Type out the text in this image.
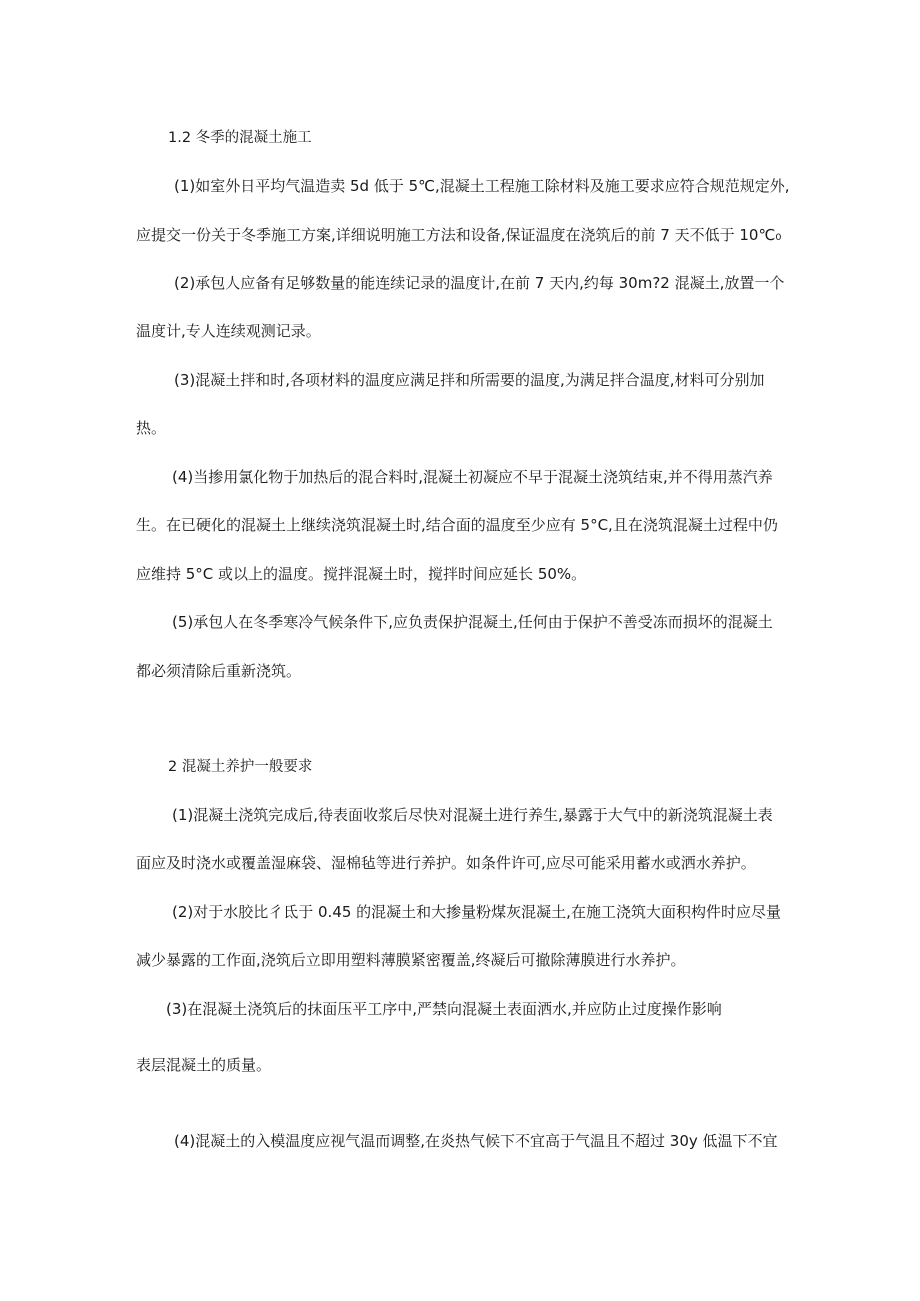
1.2 冬季的混凝土施工

(1)如室外日平均气温造卖 5d 低于 5℃,混凝土工程施工除材料及施工要求应符合规范规定外,

应提交一份关于冬季施工方案,详细说明施工方法和设备,保证温度在浇筑后的前 7 天不低于 10℃₀

(2)承包人应备有足够数量的能连续记录的温度计,在前 7 天内,约每 30m?2 混凝土,放置一个

温度计,专人连续观测记录。

(3)混凝土拌和时,各项材料的温度应满足拌和所需要的温度,为满足拌合温度,材料可分别加

热。

(4)当掺用氯化物于加热后的混合料时,混凝土初凝应不早于混凝土浇筑结束,并不得用蒸汽养

生。在已硬化的混凝土上继续浇筑混凝土时,结合面的温度至少应有 5°C,且在浇筑混凝土过程中仍

应维持 5°C 或以上的温度。搅拌混凝土时，搅拌时间应延长 50%。

(5)承包人在冬季寒冷气候条件下,应负责保护混凝土,任何由于保护不善受冻而损坏的混凝土

都必须清除后重新浇筑。

2 混凝土养护一般要求

(1)混凝土浇筑完成后,待表面收浆后尽快对混凝土进行养生,暴露于大气中的新浇筑混凝土表

面应及时浇水或覆盖湿麻袋、湿棉毡等进行养护。如条件许可,应尽可能采用蓄水或洒水养护。

(2)对于水胶比彳氐于 0.45 的混凝土和大掺量粉煤灰混凝土,在施工浇筑大面积构件时应尽量

减少暴露的工作面,浇筑后立即用塑料薄膜紧密覆盖,终凝后可撤除薄膜进行水养护。

(3)在混凝土浇筑后的抹面压平工序中,严禁向混凝土表面洒水,并应防止过度操作影响

表层混凝土的质量。

(4)混凝土的入模温度应视气温而调整,在炎热气候下不宜高于气温且不超过 30y 低温下不宜
